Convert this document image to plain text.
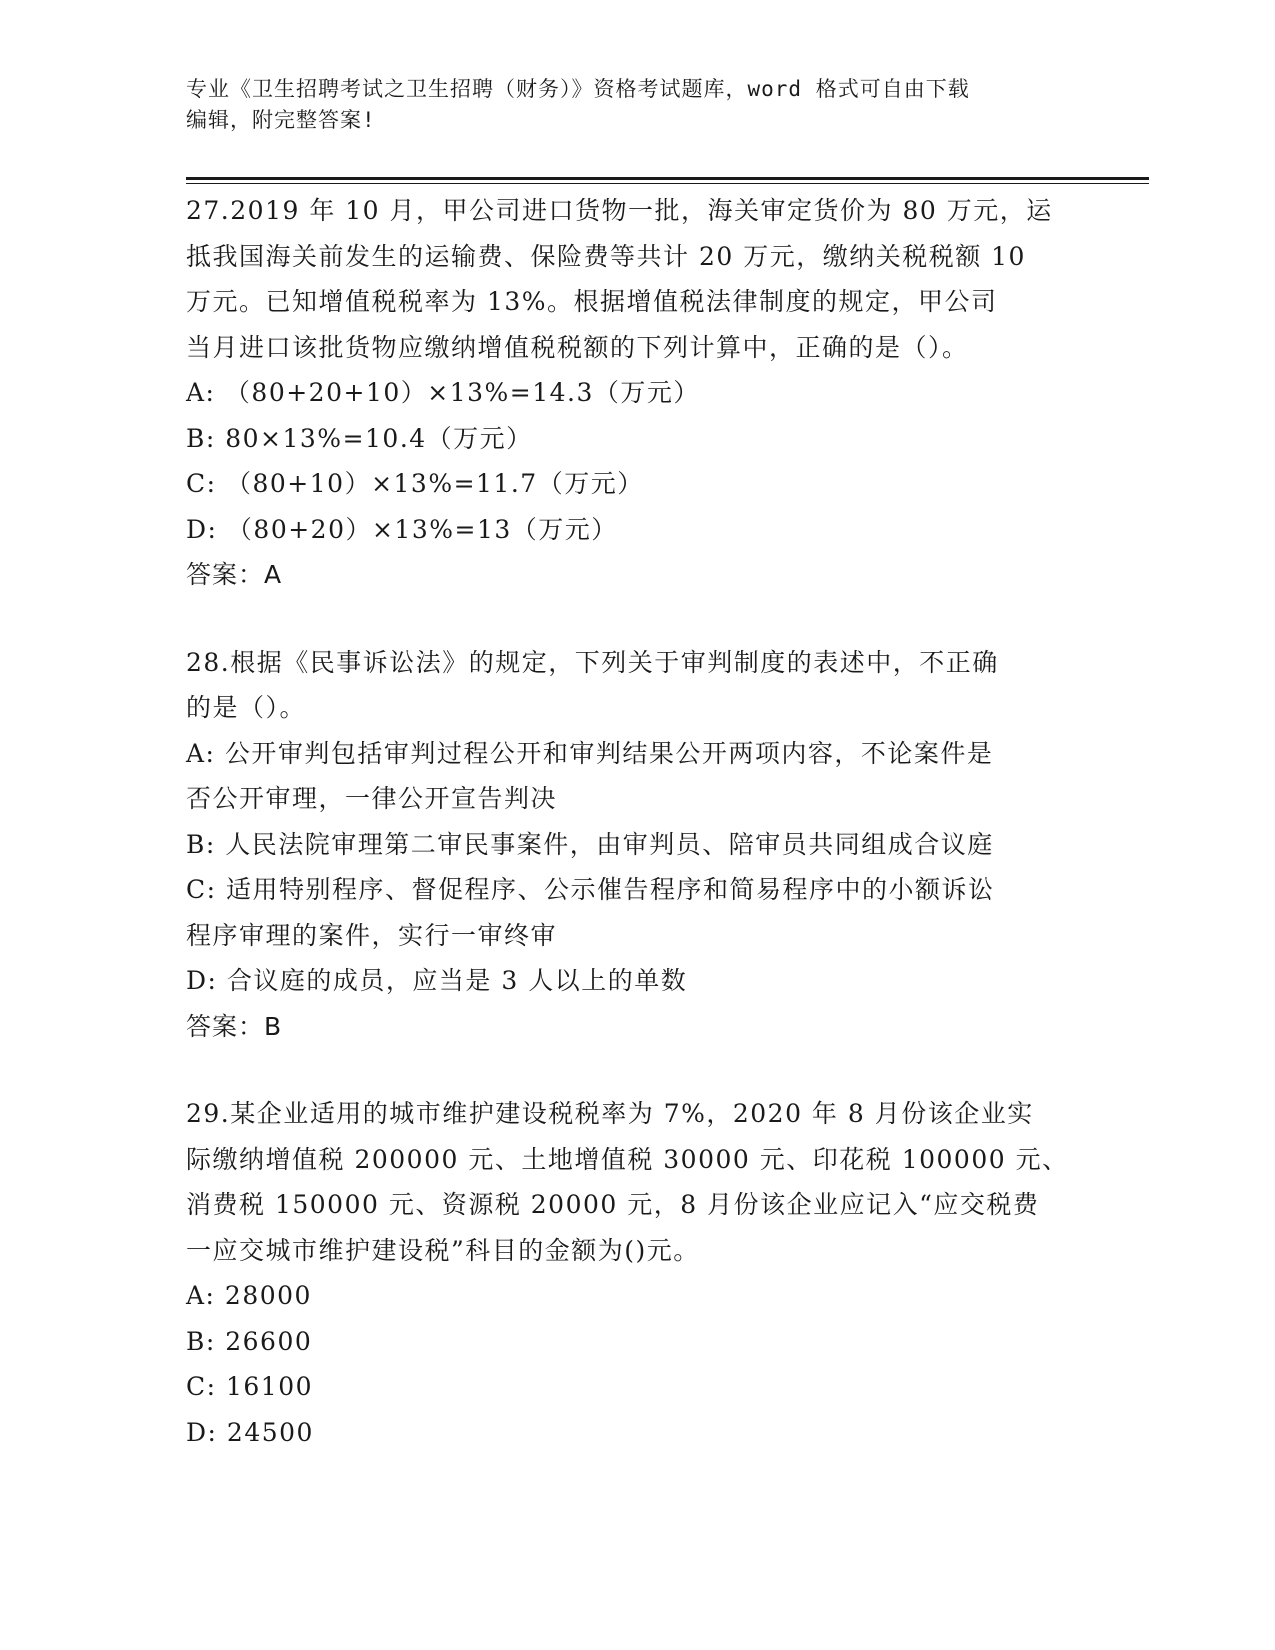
专业《卫生招聘考试之卫生招聘（财务）》资格考试题库，word 格式可自由下载
编辑，附完整答案!
27.2019 年 10 月，甲公司进口货物一批，海关审定货价为 80 万元，运
抵我国海关前发生的运输费、保险费等共计 20 万元，缴纳关税税额 10
万元。已知增值税税率为 13%。根据增值税法律制度的规定，甲公司
当月进口该批货物应缴纳增值税税额的下列计算中，正确的是（）。
A: （80+20+10）×13%=14.3（万元）
B: 80×13%=10.4（万元）
C: （80+10）×13%=11.7（万元）
D: （80+20）×13%=13（万元）
答案：A
28.根据《民事诉讼法》的规定，下列关于审判制度的表述中，不正确
的是（）。
A: 公开审判包括审判过程公开和审判结果公开两项内容，不论案件是
否公开审理，一律公开宣告判决
B: 人民法院审理第二审民事案件，由审判员、陪审员共同组成合议庭
C: 适用特别程序、督促程序、公示催告程序和简易程序中的小额诉讼
程序审理的案件，实行一审终审
D: 合议庭的成员，应当是 3 人以上的单数
答案：B
29.某企业适用的城市维护建设税税率为 7%，2020 年 8 月份该企业实
际缴纳增值税 200000 元、土地增值税 30000 元、印花税 100000 元、
消费税 150000 元、资源税 20000 元，8 月份该企业应记入“应交税费
一应交城市维护建设税”科目的金额为()元。
A: 28000
B: 26600
C: 16100
D: 24500
